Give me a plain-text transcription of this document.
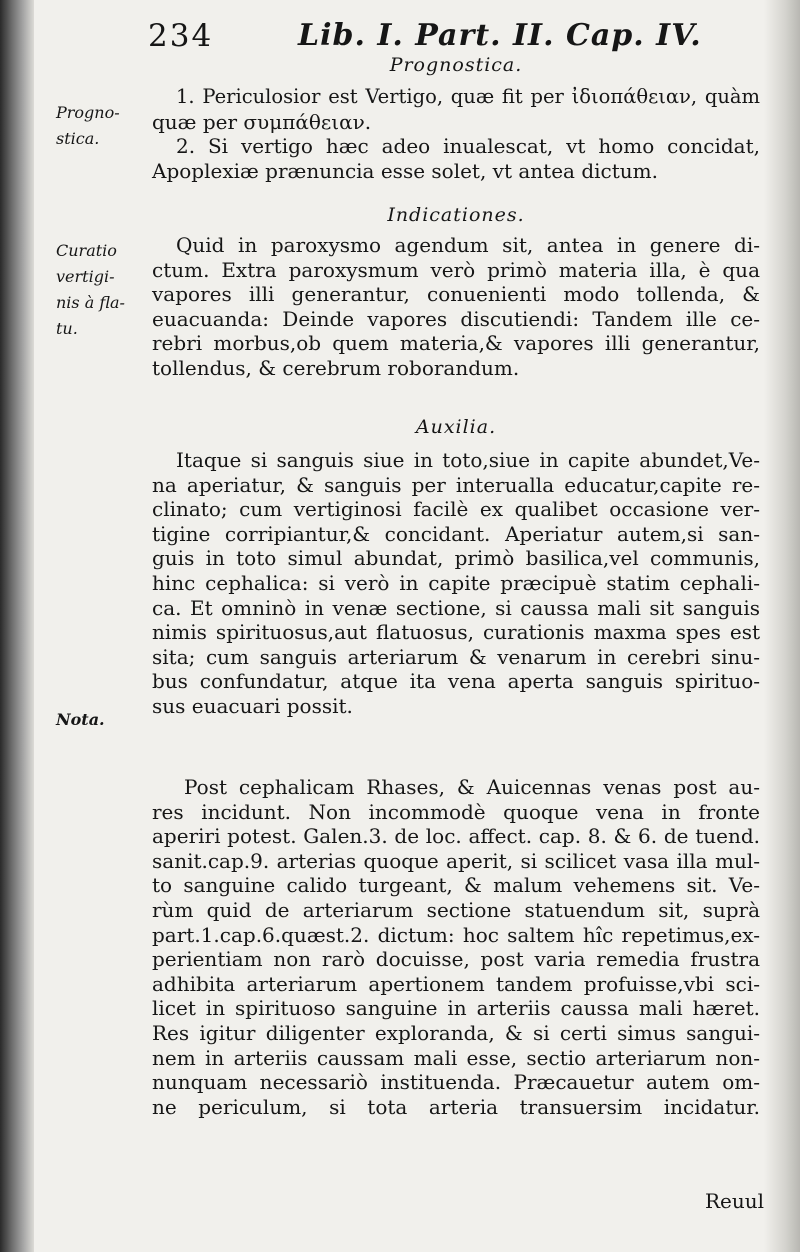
234	Lib. I. Part. II. Cap. IV.
Prognostica.
Progno-
stica.
1. Periculosior est Vertigo, quæ fit per ἰδιοπάθειαν, quàm
quæ per συμπάθειαν.
2. Si vertigo hæc adeo inualescat, vt homo concidat,
Apoplexiæ prænuncia esse solet, vt antea dictum.
Indicationes.
Curatio
vertigi-
nis à fla-
tu.
Quid in paroxysmo agendum sit, antea in genere di-
ctum. Extra paroxysmum verò primò materia illa, è qua
vapores illi generantur, conuenienti modo tollenda, &
euacuanda: Deinde vapores discutiendi: Tandem ille ce-
rebri morbus,ob quem materia,& vapores illi generantur,
tollendus, & cerebrum roborandum.
Auxilia.
Nota.
Itaque si sanguis siue in toto,siue in capite abundet,Ve-
na aperiatur, & sanguis per interualla educatur,capite re-
clinato; cum vertiginosi facilè ex qualibet occasione ver-
tigine corripiantur,& concidant. Aperiatur autem,si san-
guis in toto simul abundat, primò basilica,vel communis,
hinc cephalica: si verò in capite præcipuè statim cephali-
ca. Et omninò in venæ sectione, si caussa mali sit sanguis
nimis spirituosus,aut flatuosus, curationis maxma spes est
sita; cum sanguis arteriarum & venarum in cerebri sinu-
bus confundatur, atque ita vena aperta sanguis spirituo-
sus euacuari possit.
Post cephalicam Rhases, & Auicennas venas post au-
res incidunt. Non incommodè quoque vena in fronte
aperiri potest. Galen.3. de loc. affect. cap. 8. & 6. de tuend.
sanit.cap.9. arterias quoque aperit, si scilicet vasa illa mul-
to sanguine calido turgeant, & malum vehemens sit. Ve-
rùm quid de arteriarum sectione statuendum sit, suprà
part.1.cap.6.quæst.2. dictum: hoc saltem hîc repetimus,ex-
perientiam non rarò docuisse, post varia remedia frustra
adhibita arteriarum apertionem tandem profuisse,vbi sci-
licet in spirituoso sanguine in arteriis caussa mali hæret.
Res igitur diligenter exploranda, & si certi simus sangui-
nem in arteriis caussam mali esse, sectio arteriarum non-
nunquam necessariò instituenda. Præcauetur autem om-
ne periculum, si tota arteria transuersim incidatur.
Reuul
